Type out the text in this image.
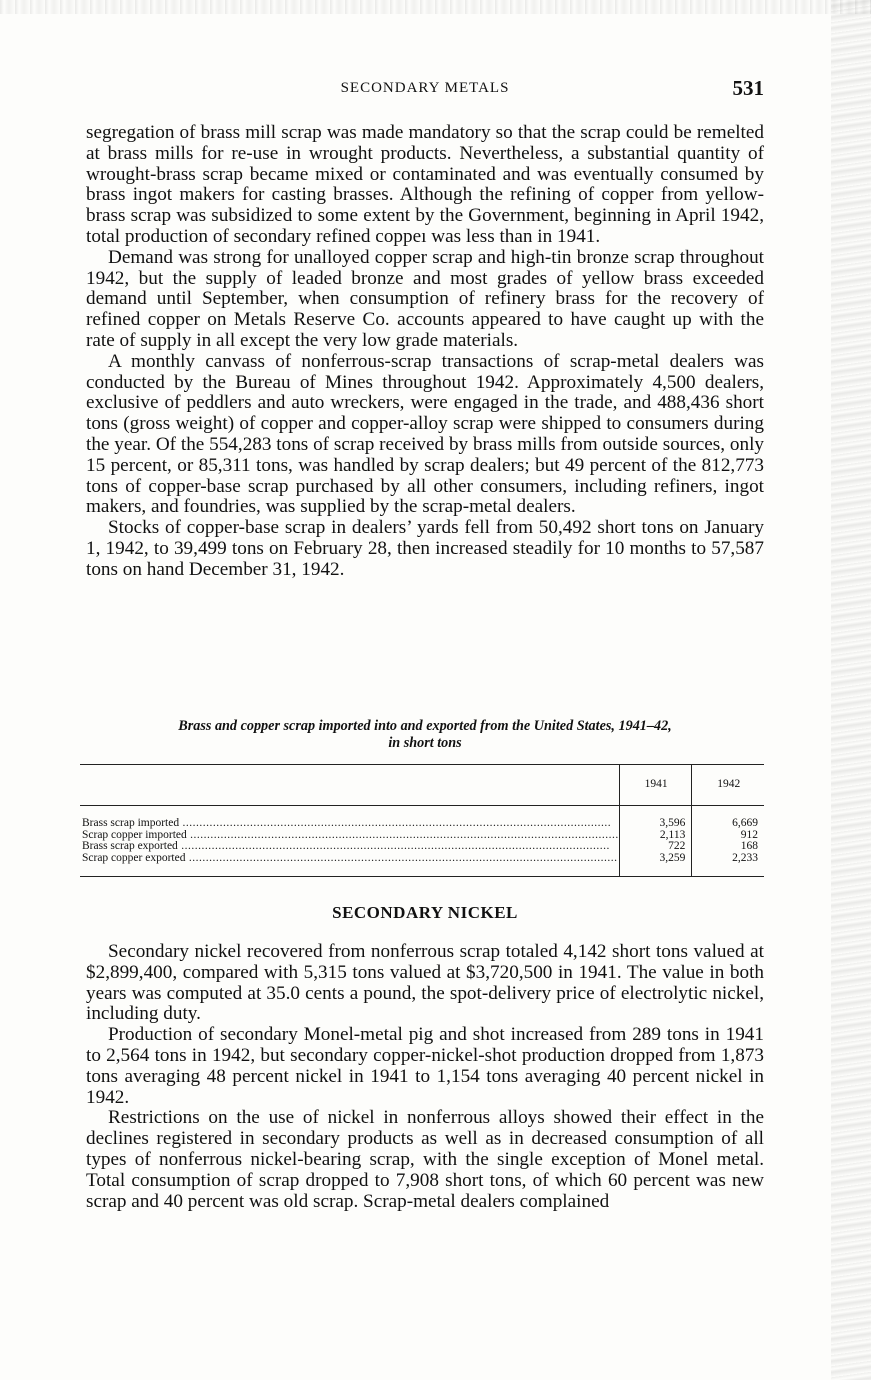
SECONDARY METALS	531

segregation of brass mill scrap was made mandatory so that the scrap could be remelted at brass mills for re-use in wrought products. Nevertheless, a substantial quantity of wrought-brass scrap became mixed or contaminated and was eventually consumed by brass ingot makers for casting brasses. Although the refining of copper from yellow-brass scrap was subsidized to some extent by the Government, beginning in April 1942, total production of secondary refined coppeı was less than in 1941.

Demand was strong for unalloyed copper scrap and high-tin bronze scrap throughout 1942, but the supply of leaded bronze and most grades of yellow brass exceeded demand until September, when consumption of refinery brass for the recovery of refined copper on Metals Reserve Co. accounts appeared to have caught up with the rate of supply in all except the very low grade materials.

A monthly canvass of nonferrous-scrap transactions of scrap-metal dealers was conducted by the Bureau of Mines throughout 1942. Approximately 4,500 dealers, exclusive of peddlers and auto wreckers, were engaged in the trade, and 488,436 short tons (gross weight) of copper and copper-alloy scrap were shipped to consumers during the year. Of the 554,283 tons of scrap received by brass mills from outside sources, only 15 percent, or 85,311 tons, was handled by scrap dealers; but 49 percent of the 812,773 tons of copper-base scrap purchased by all other consumers, including refiners, ingot makers, and foundries, was supplied by the scrap-metal dealers.

Stocks of copper-base scrap in dealers’ yards fell from 50,492 short tons on January 1, 1942, to 39,499 tons on February 28, then increased steadily for 10 months to 57,587 tons on hand December 31, 1942.

Brass and copper scrap imported into and exported from the United States, 1941–42,
in short tons
	1941	1942
Brass scrap imported .....	3,596	6,669
Scrap copper imported .....	2,113	912
Brass scrap exported .....	722	168
Scrap copper exported .....	3,259	2,233
SECONDARY NICKEL

Secondary nickel recovered from nonferrous scrap totaled 4,142 short tons valued at $2,899,400, compared with 5,315 tons valued at $3,720,500 in 1941. The value in both years was computed at 35.0 cents a pound, the spot-delivery price of electrolytic nickel, including duty.

Production of secondary Monel-metal pig and shot increased from 289 tons in 1941 to 2,564 tons in 1942, but secondary copper-nickel-shot production dropped from 1,873 tons averaging 48 percent nickel in 1941 to 1,154 tons averaging 40 percent nickel in 1942.

Restrictions on the use of nickel in nonferrous alloys showed their effect in the declines registered in secondary products as well as in decreased consumption of all types of nonferrous nickel-bearing scrap, with the single exception of Monel metal. Total consumption of scrap dropped to 7,908 short tons, of which 60 percent was new scrap and 40 percent was old scrap. Scrap-metal dealers complained
